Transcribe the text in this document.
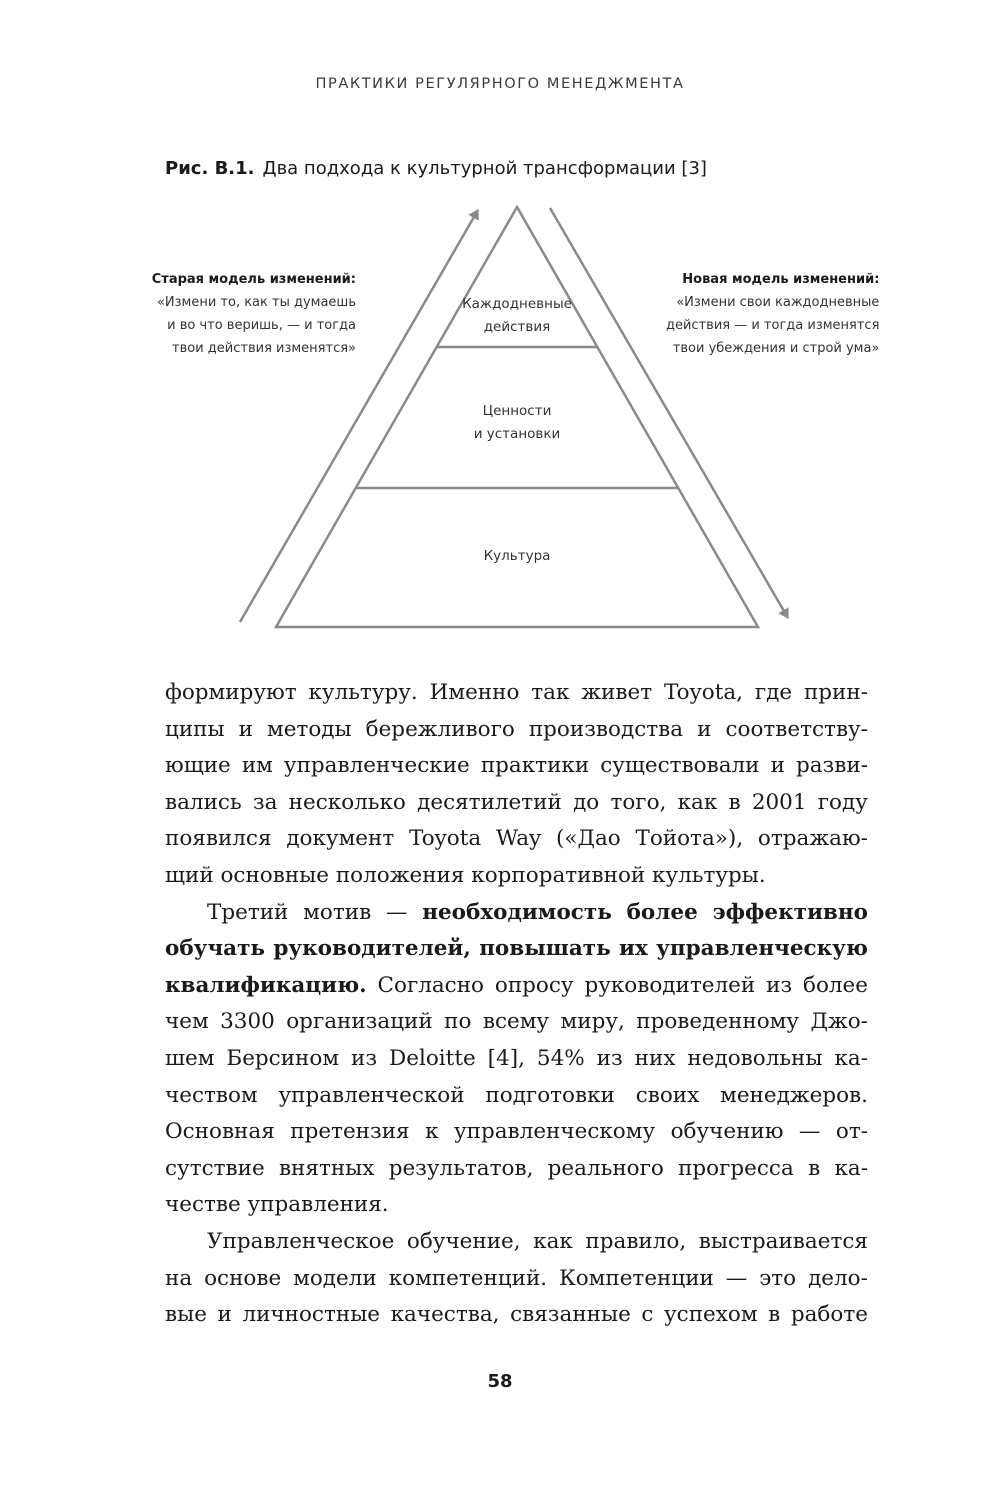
ПРАКТИКИ РЕГУЛЯРНОГО МЕНЕДЖМЕНТА
Рис. В.1. Два подхода к культурной трансформации [3]
Старая модель изменений:
«Измени то, как ты думаешь
и во что веришь, — и тогда
твои действия изменятся»
Новая модель изменений:
«Измени свои каждодневные
действия — и тогда изменятся
твои убеждения и строй ума»
Каждодневные
действия
Ценности
и установки
Культура
формируют культуру. Именно так живет Toyota, где прин-
ципы и методы бережливого производства и соответству-
ющие им управленческие практики существовали и разви-
вались за несколько десятилетий до того, как в 2001 году
появился документ Toyota Way («Дао Тойота»), отражаю-
щий основные положения корпоративной культуры.
Третий мотив — необходимость более эффективно
обучать руководителей, повышать их управленческую
квалификацию. Согласно опросу руководителей из более
чем 3300 организаций по всему миру, проведенному Джо-
шем Берсином из Deloitte [4], 54% из них недовольны ка-
чеством управленческой подготовки своих менеджеров.
Основная претензия к управленческому обучению — от-
сутствие внятных результатов, реального прогресса в ка-
честве управления.
Управленческое обучение, как правило, выстраивается
на основе модели компетенций. Компетенции — это дело-
вые и личностные качества, связанные с успехом в работе
58
